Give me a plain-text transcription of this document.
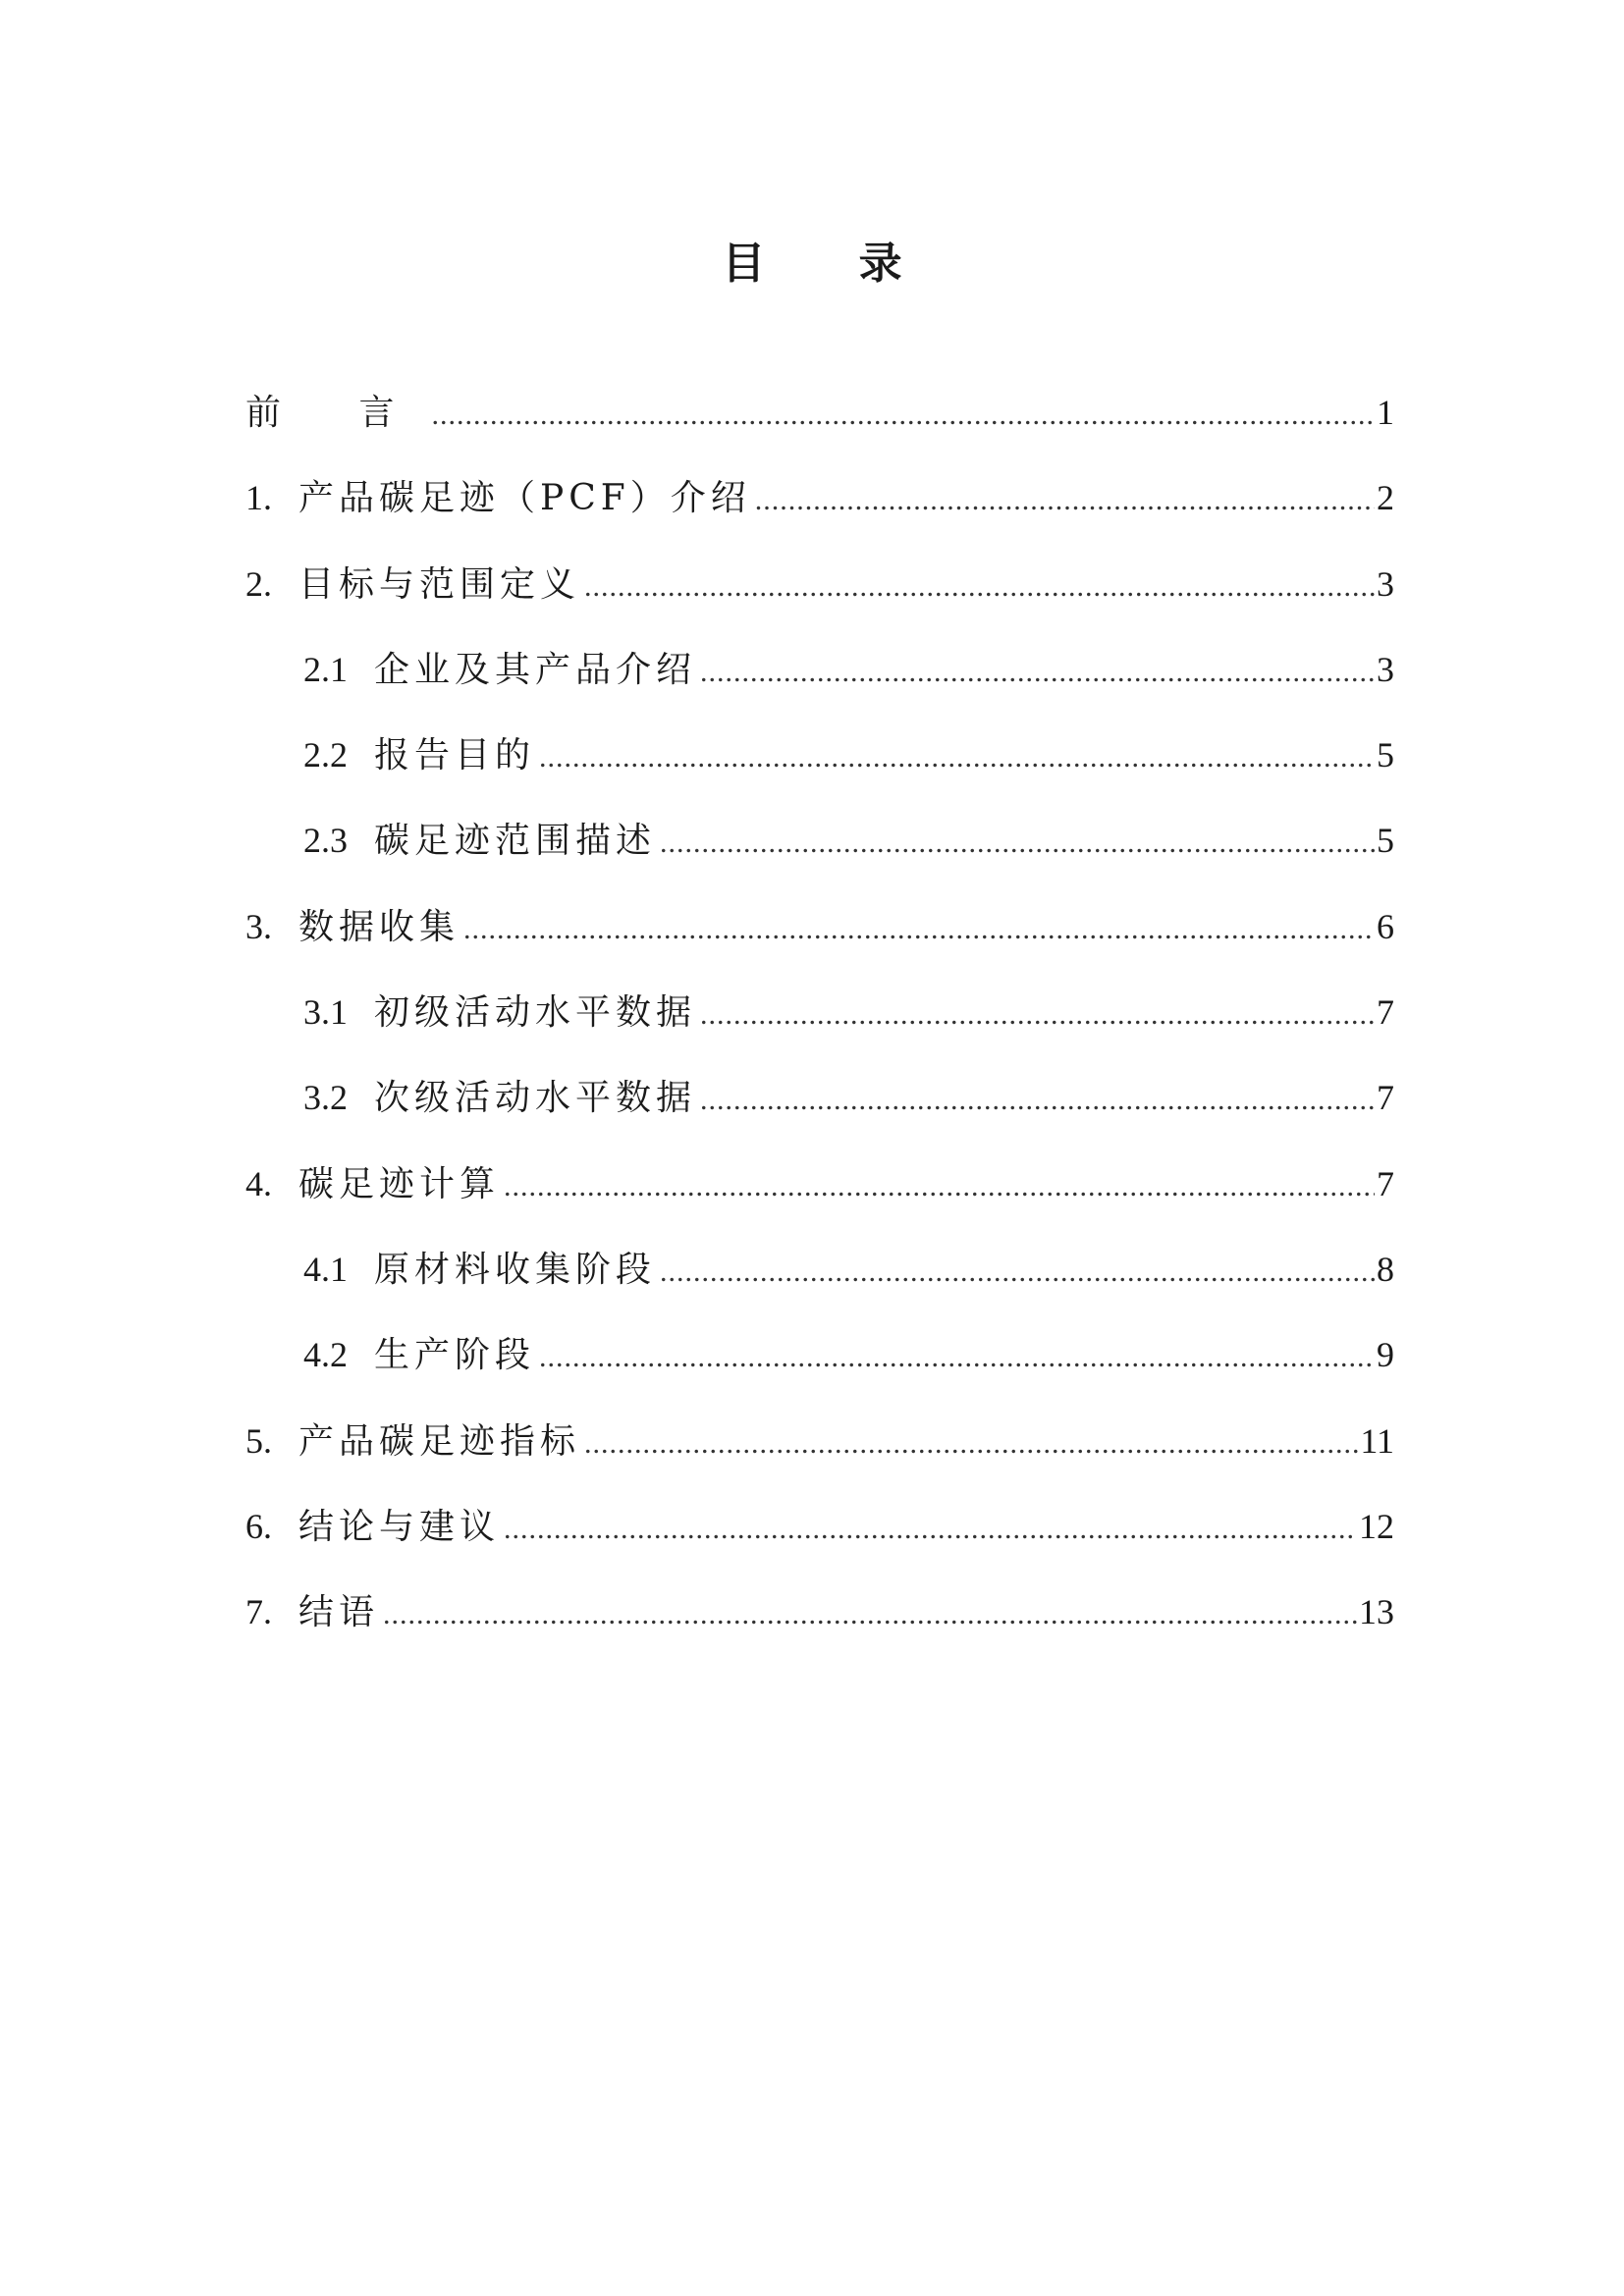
目 录
前 言 .....	1
1. 产品碳足迹（PCF）介绍 .....	2
2. 目标与范围定义 .....	3
2.1 企业及其产品介绍 .....	3
2.2 报告目的 .....	5
2.3 碳足迹范围描述 .....	5
3. 数据收集 .....	6
3.1 初级活动水平数据 .....	7
3.2 次级活动水平数据 .....	7
4. 碳足迹计算 .....	7
4.1 原材料收集阶段 .....	8
4.2 生产阶段 .....	9
5. 产品碳足迹指标 .....	11
6. 结论与建议 .....	12
7. 结语 .....	13
